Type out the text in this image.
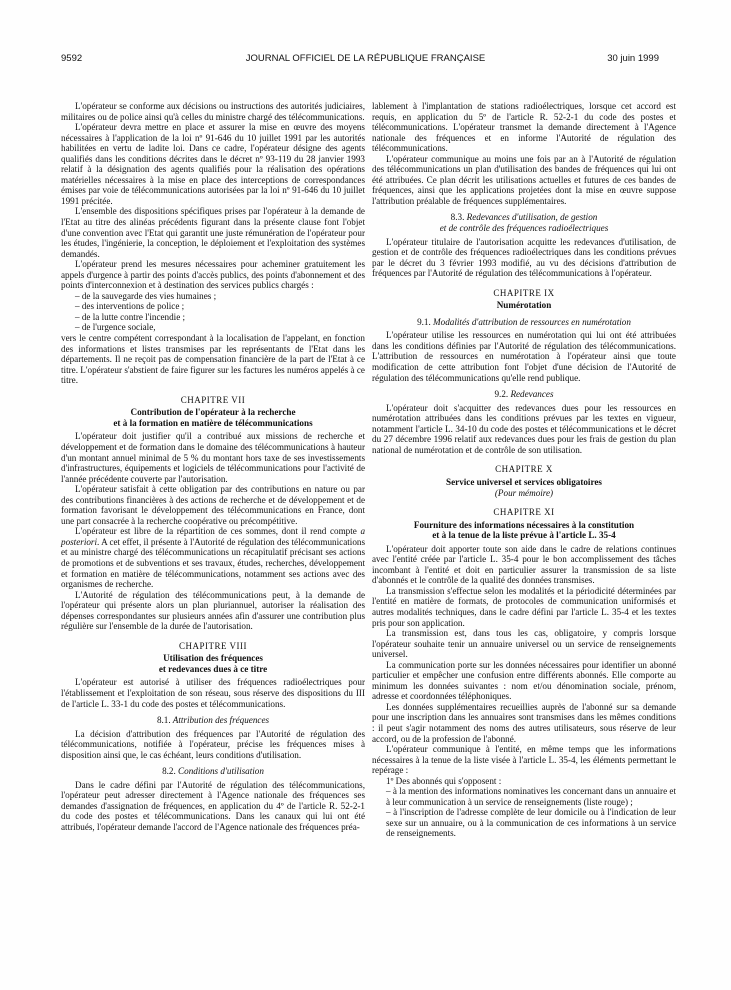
JOURNAL OFFICIEL DE LA RÉPUBLIQUE FRANÇAISE
9592	30 juin 1999

L'opérateur se conforme aux décisions ou instructions des autorités judiciaires, militaires ou de police ainsi qu'à celles du ministre chargé des télécommunications.

L'opérateur devra mettre en place et assurer la mise en œuvre des moyens nécessaires à l'application de la loi nº 91-646 du 10 juillet 1991 par les autorités habilitées en vertu de ladite loi. Dans ce cadre, l'opérateur désigne des agents qualifiés dans les conditions décrites dans le décret nº 93-119 du 28 janvier 1993 relatif à la désignation des agents qualifiés pour la réalisation des opérations matérielles nécessaires à la mise en place des interceptions de correspondances émises par voie de télécommunications autorisées par la loi nº 91-646 du 10 juillet 1991 précitée.

L'ensemble des dispositions spécifiques prises par l'opérateur à la demande de l'Etat au titre des alinéas précédents figurant dans la présente clause font l'objet d'une convention avec l'Etat qui garantit une juste rémunération de l'opérateur pour les études, l'ingénierie, la conception, le déploiement et l'exploitation des systèmes demandés.

L'opérateur prend les mesures nécessaires pour acheminer gratuitement les appels d'urgence à partir des points d'accès publics, des points d'abonnement et des points d'interconnexion et à destination des services publics chargés :

– de la sauvegarde des vies humaines ;
– des interventions de police ;
– de la lutte contre l'incendie ;
– de l'urgence sociale,

vers le centre compétent correspondant à la localisation de l'appelant, en fonction des informations et listes transmises par les représentants de l'Etat dans les départements. Il ne reçoit pas de compensation financière de la part de l'Etat à ce titre. L'opérateur s'abstient de faire figurer sur les factures les numéros appelés à ce titre.

CHAPITRE VII
Contribution de l'opérateur à la recherche
et à la formation en matière de télécommunications

L'opérateur doit justifier qu'il a contribué aux missions de recherche et développement et de formation dans le domaine des télécommunications à hauteur d'un montant annuel minimal de 5 % du montant hors taxe de ses investissements d'infrastructures, équipements et logiciels de télécommunications pour l'activité de l'année précédente couverte par l'autorisation.

L'opérateur satisfait à cette obligation par des contributions en nature ou par des contributions financières à des actions de recherche et de développement et de formation favorisant le développement des télécommunications en France, dont une part consacrée à la recherche coopérative ou précompétitive.

L'opérateur est libre de la répartition de ces sommes, dont il rend compte a posteriori. A cet effet, il présente à l'Autorité de régulation des télécommunications et au ministre chargé des télécommunications un récapitulatif précisant ses actions de promotions et de subventions et ses travaux, études, recherches, développement et formation en matière de télécommunications, notamment ses actions avec des organismes de recherche.

L'Autorité de régulation des télécommunications peut, à la demande de l'opérateur qui présente alors un plan pluriannuel, autoriser la réalisation des dépenses correspondantes sur plusieurs années afin d'assurer une contribution plus régulière sur l'ensemble de la durée de l'autorisation.

CHAPITRE VIII
Utilisation des fréquences
et redevances dues à ce titre

L'opérateur est autorisé à utiliser des fréquences radioélectriques pour l'établissement et l'exploitation de son réseau, sous réserve des dispositions du III de l'article L. 33-1 du code des postes et télécommunications.

8.1. Attribution des fréquences

La décision d'attribution des fréquences par l'Autorité de régulation des télécommunications, notifiée à l'opérateur, précise les fréquences mises à disposition ainsi que, le cas échéant, leurs conditions d'utilisation.

8.2. Conditions d'utilisation

Dans le cadre défini par l'Autorité de régulation des télécommunications, l'opérateur peut adresser directement à l'Agence nationale des fréquences ses demandes d'assignation de fréquences, en application du 4º de l'article R. 52-2-1 du code des postes et télécommunications. Dans les canaux qui lui ont été attribués, l'opérateur demande l'accord de l'Agence nationale des fréquences préa-

lablement à l'implantation de stations radioélectriques, lorsque cet accord est requis, en application du 5º de l'article R. 52-2-1 du code des postes et télécommunications. L'opérateur transmet la demande directement à l'Agence nationale des fréquences et en informe l'Autorité de régulation des télécommunications.

L'opérateur communique au moins une fois par an à l'Autorité de régulation des télécommunications un plan d'utilisation des bandes de fréquences qui lui ont été attribuées. Ce plan décrit les utilisations actuelles et futures de ces bandes de fréquences, ainsi que les applications projetées dont la mise en œuvre suppose l'attribution préalable de fréquences supplémentaires.

8.3. Redevances d'utilisation, de gestion
et de contrôle des fréquences radioélectriques

L'opérateur titulaire de l'autorisation acquitte les redevances d'utilisation, de gestion et de contrôle des fréquences radioélectriques dans les conditions prévues par le décret du 3 février 1993 modifié, au vu des décisions d'attribution de fréquences par l'Autorité de régulation des télécommunications à l'opérateur.

CHAPITRE IX
Numérotation
9.1. Modalités d'attribution de ressources en numérotation

L'opérateur utilise les ressources en numérotation qui lui ont été attribuées dans les conditions définies par l'Autorité de régulation des télécommunications. L'attribution de ressources en numérotation à l'opérateur ainsi que toute modification de cette attribution font l'objet d'une décision de l'Autorité de régulation des télécommunications qu'elle rend publique.

9.2. Redevances

L'opérateur doit s'acquitter des redevances dues pour les ressources en numérotation attribuées dans les conditions prévues par les textes en vigueur, notamment l'article L. 34-10 du code des postes et télécommunications et le décret du 27 décembre 1996 relatif aux redevances dues pour les frais de gestion du plan national de numérotation et de contrôle de son utilisation.

CHAPITRE X
Service universel et services obligatoires
(Pour mémoire)
CHAPITRE XI
Fourniture des informations nécessaires à la constitution
et à la tenue de la liste prévue à l'article L. 35-4

L'opérateur doit apporter toute son aide dans le cadre de relations continues avec l'entité créée par l'article L. 35-4 pour le bon accomplissement des tâches incombant à l'entité et doit en particulier assurer la transmission de sa liste d'abonnés et le contrôle de la qualité des données transmises.

La transmission s'effectue selon les modalités et la périodicité déterminées par l'entité en matière de formats, de protocoles de communication uniformisés et autres modalités techniques, dans le cadre défini par l'article L. 35-4 et les textes pris pour son application.

La transmission est, dans tous les cas, obligatoire, y compris lorsque l'opérateur souhaite tenir un annuaire universel ou un service de renseignements universel.

La communication porte sur les données nécessaires pour identifier un abonné particulier et empêcher une confusion entre différents abonnés. Elle comporte au minimum les données suivantes : nom et/ou dénomination sociale, prénom, adresse et coordonnées téléphoniques.

Les données supplémentaires recueillies auprès de l'abonné sur sa demande pour une inscription dans les annuaires sont transmises dans les mêmes conditions : il peut s'agir notamment des noms des autres utilisateurs, sous réserve de leur accord, ou de la profession de l'abonné.

L'opérateur communique à l'entité, en même temps que les informations nécessaires à la tenue de la liste visée à l'article L. 35-4, les éléments permettant le repérage :

1º Des abonnés qui s'opposent :

– à la mention des informations nominatives les concernant dans un annuaire et à leur communication à un service de renseignements (liste rouge) ;
– à l'inscription de l'adresse complète de leur domicile ou à l'indication de leur sexe sur un annuaire, ou à la communication de ces informations à un service de renseignements.
